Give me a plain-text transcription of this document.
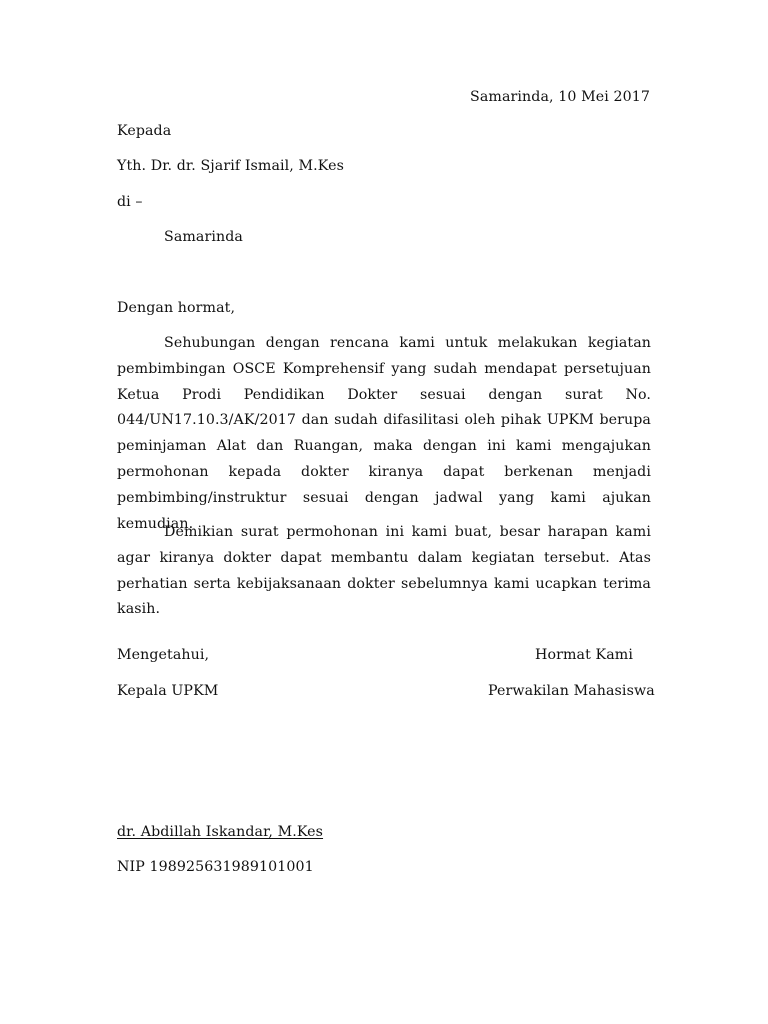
Samarinda, 10 Mei 2017
Kepada
Yth. Dr. dr. Sjarif Ismail, M.Kes
di –
Samarinda
Dengan hormat,

Sehubungan dengan rencana kami untuk melakukan kegiatan pembimbingan OSCE Komprehensif yang sudah mendapat persetujuan Ketua Prodi Pendidikan Dokter sesuai dengan surat No. 044/UN17.10.3/AK/2017 dan sudah difasilitasi oleh pihak UPKM berupa peminjaman Alat dan Ruangan, maka dengan ini kami mengajukan permohonan kepada dokter kiranya dapat berkenan menjadi pembimbing/instruktur sesuai dengan jadwal yang kami ajukan kemudian.

Demikian surat permohonan ini kami buat, besar harapan kami agar kiranya dokter dapat membantu dalam kegiatan tersebut. Atas perhatian serta kebijaksanaan dokter sebelumnya kami ucapkan terima kasih.

Mengetahui,	Hormat Kami
Kepala UPKM	Perwakilan Mahasiswa
dr. Abdillah Iskandar, M.Kes
NIP 198925631989101001
